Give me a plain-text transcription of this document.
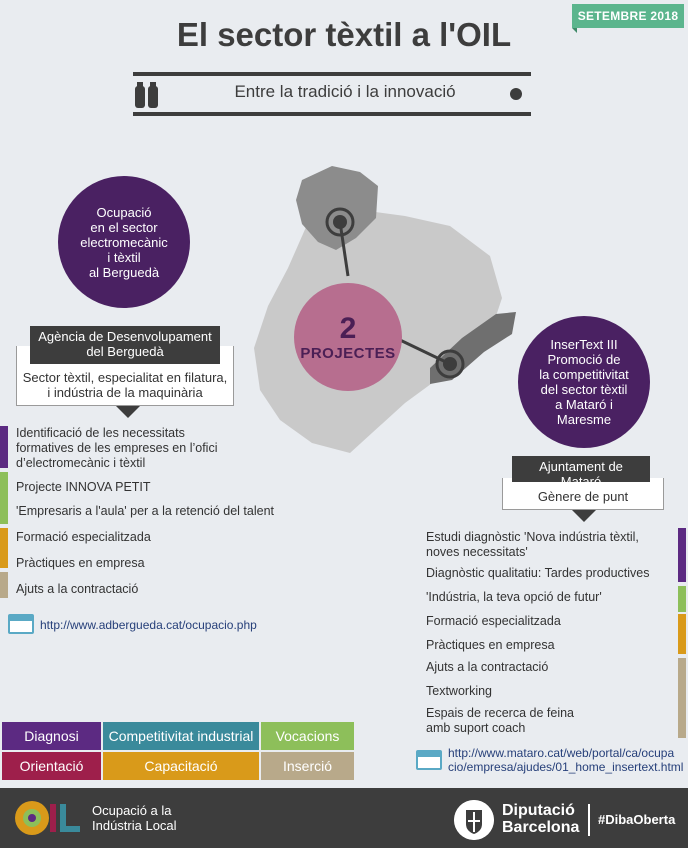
SETEMBRE 2018
El sector tèxtil a l'OIL
Entre la tradició i la innovació
2
PROJECTES
Ocupació
en el sector
electromecànic
i tèxtil
al Berguedà
Sector tèxtil, especialitat en filatura,
i indústria de la maquinària
Agència de Desenvolupament
del Berguedà
Identificació de les necessitats
formatives de les empreses en l’ofici
d’electromecànic i tèxtil
Projecte INNOVA PETIT
'Empresaris a l'aula' per a la retenció del talent
Formació especialitzada
Pràctiques en empresa
Ajuts a la contractació
http://www.adbergueda.cat/ocupacio.php
InserText III
Promoció de
la competitivitat
del sector tèxtil
a Mataró i
Maresme
Gènere de punt
Ajuntament de Mataró
Estudi diagnòstic 'Nova indústria tèxtil,
noves necessitats'
Diagnòstic qualitatiu: Tardes productives
'Indústria, la teva opció de futur'
Formació especialitzada
Pràctiques en empresa
Ajuts a la contractació
Textworking
Espais de recerca de feina
amb suport coach
http://www.mataro.cat/web/portal/ca/ocupa
cio/empresa/ajudes/01_home_insertext.html
Diagnosi	Competitivitat industrial	Vocacions
Orientació	Capacitació	Inserció
Ocupació a la
Indústria Local
Diputació
Barcelona #DibaOberta
